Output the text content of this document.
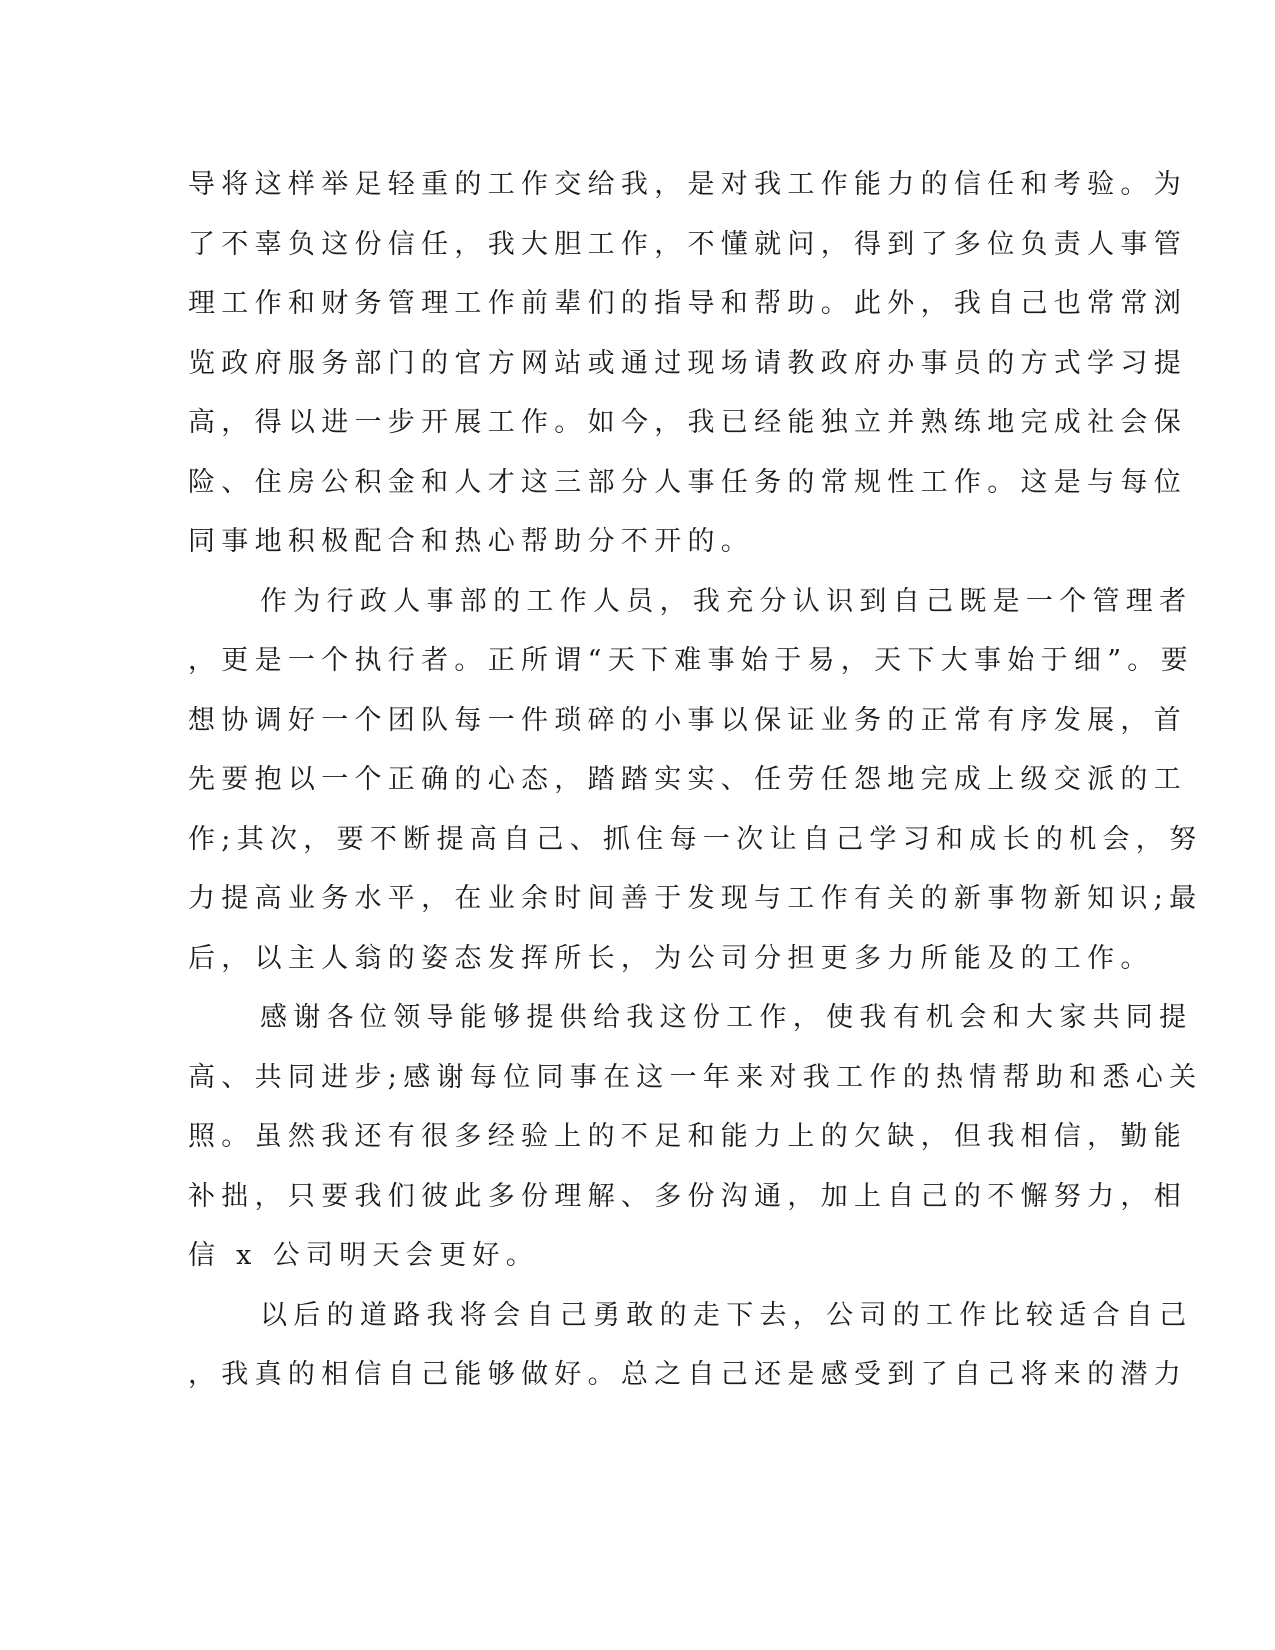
导将这样举足轻重的工作交给我，是对我工作能力的信任和考验。为
了不辜负这份信任，我大胆工作，不懂就问，得到了多位负责人事管
理工作和财务管理工作前辈们的指导和帮助。此外，我自己也常常浏
览政府服务部门的官方网站或通过现场请教政府办事员的方式学习提
高，得以进一步开展工作。如今，我已经能独立并熟练地完成社会保
险、住房公积金和人才这三部分人事任务的常规性工作。这是与每位
同事地积极配合和热心帮助分不开的。
作为行政人事部的工作人员，我充分认识到自己既是一个管理者
，更是一个执行者。正所谓“天下难事始于易，天下大事始于细”。要
想协调好一个团队每一件琐碎的小事以保证业务的正常有序发展，首
先要抱以一个正确的心态，踏踏实实、任劳任怨地完成上级交派的工
作;其次，要不断提高自己、抓住每一次让自己学习和成长的机会，努
力提高业务水平，在业余时间善于发现与工作有关的新事物新知识;最
后，以主人翁的姿态发挥所长，为公司分担更多力所能及的工作。
感谢各位领导能够提供给我这份工作，使我有机会和大家共同提
高、共同进步;感谢每位同事在这一年来对我工作的热情帮助和悉心关
照。虽然我还有很多经验上的不足和能力上的欠缺，但我相信，勤能
补拙，只要我们彼此多份理解、多份沟通，加上自己的不懈努力，相
信 x 公司明天会更好。
以后的道路我将会自己勇敢的走下去，公司的工作比较适合自己
，我真的相信自己能够做好。总之自己还是感受到了自己将来的潜力
